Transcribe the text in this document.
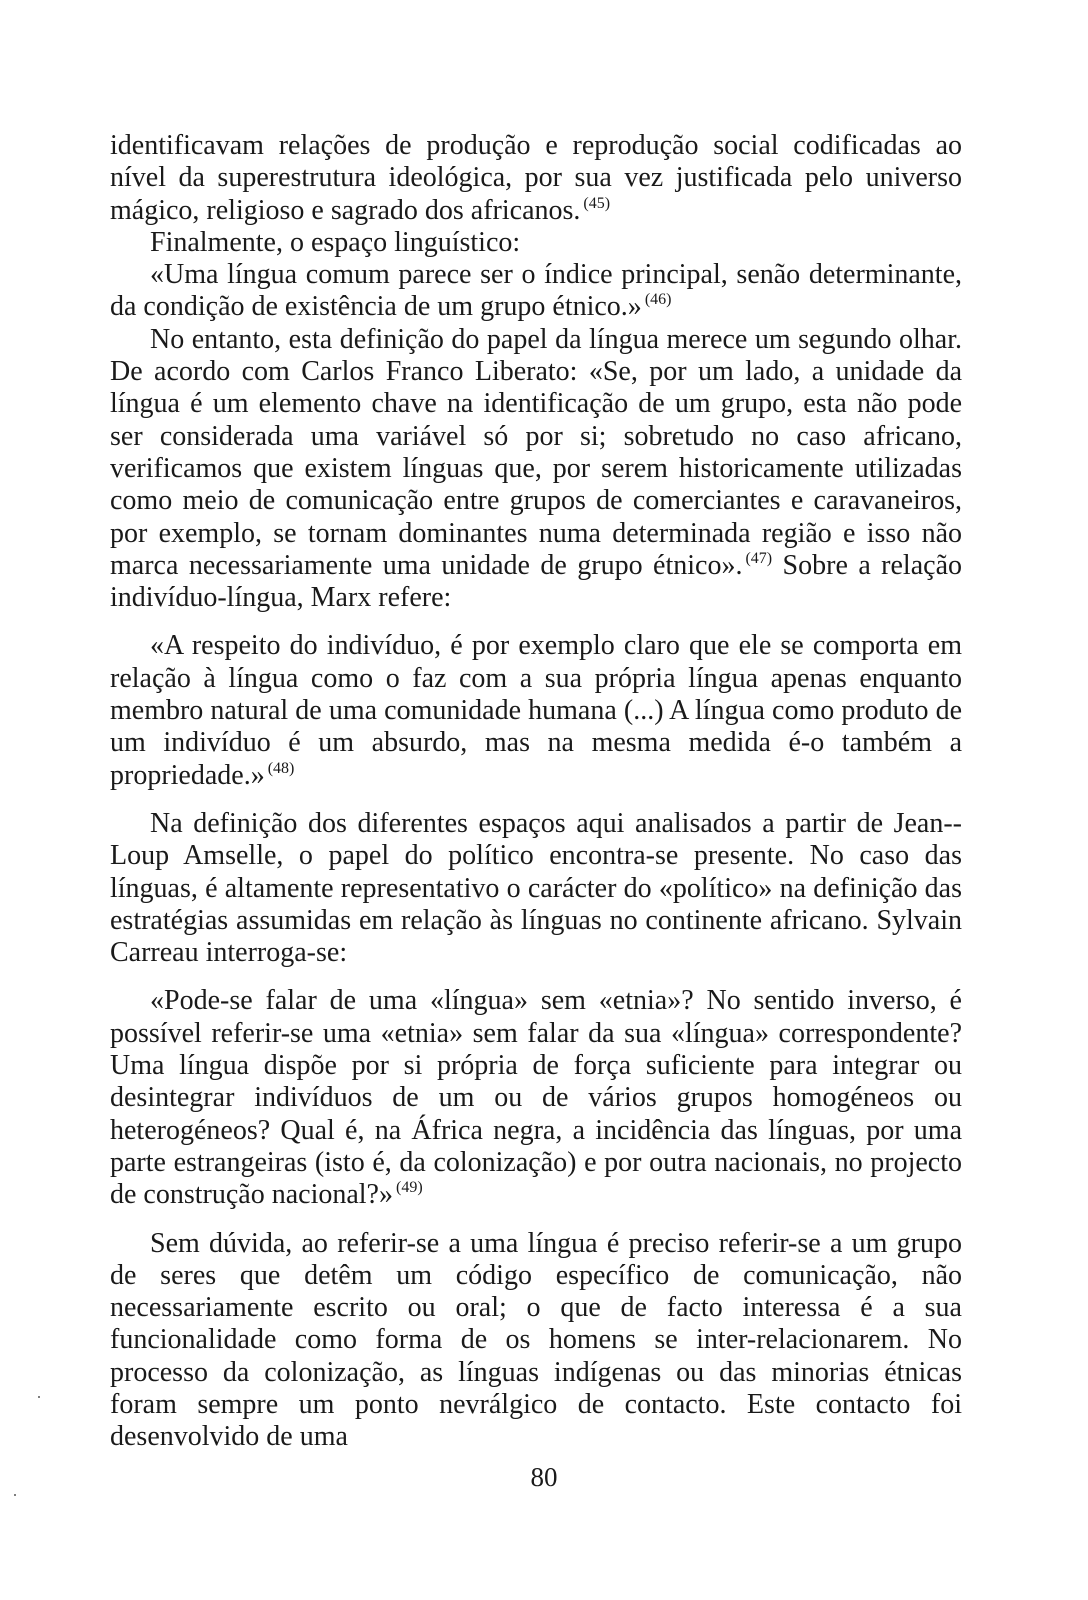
identificavam relações de produção e reprodução social codificadas ao nível da superestrutura ideológica, por sua vez justificada pelo universo mágico, religioso e sagrado dos africanos. $^{(45)}$

Finalmente, o espaço linguístico:

«Uma língua comum parece ser o índice principal, senão determinante, da condição de existência de um grupo étnico.» $^{(46)}$

No entanto, esta definição do papel da língua merece um segundo olhar. De acordo com Carlos Franco Liberato: «Se, por um lado, a unidade da língua é um elemento chave na identificação de um grupo, esta não pode ser considerada uma variável só por si; sobretudo no caso africano, verificamos que existem línguas que, por serem historicamente utilizadas como meio de comunicação entre grupos de comerciantes e caravaneiros, por exemplo, se tornam dominantes numa determinada região e isso não marca necessariamente uma unidade de grupo étnico». $^{(47)}$ Sobre a relação indivíduo-língua, Marx refere:

«A respeito do indivíduo, é por exemplo claro que ele se comporta em relação à língua como o faz com a sua própria língua apenas enquanto membro natural de uma comunidade humana (...) A língua como produto de um indivíduo é um absurdo, mas na mesma medida é-o também a propriedade.» $^{(48)}$

Na definição dos diferentes espaços aqui analisados a partir de Jean--Loup Amselle, o papel do político encontra-se presente. No caso das línguas, é altamente representativo o carácter do «político» na definição das estratégias assumidas em relação às línguas no continente africano. Sylvain Carreau interroga-se:

«Pode-se falar de uma «língua» sem «etnia»? No sentido inverso, é possível referir-se uma «etnia» sem falar da sua «língua» correspondente? Uma língua dispõe por si própria de força suficiente para integrar ou desintegrar indivíduos de um ou de vários grupos homogéneos ou heterogéneos? Qual é, na África negra, a incidência das línguas, por uma parte estrangeiras (isto é, da colonização) e por outra nacionais, no projecto de construção nacional?» $^{(49)}$

Sem dúvida, ao referir-se a uma língua é preciso referir-se a um grupo de seres que detêm um código específico de comunicação, não necessariamente escrito ou oral; o que de facto interessa é a sua funcionalidade como forma de os homens se inter-relacionarem. No processo da colonização, as línguas indígenas ou das minorias étnicas foram sempre um ponto nevrálgico de contacto. Este contacto foi desenvolvido de uma

80
